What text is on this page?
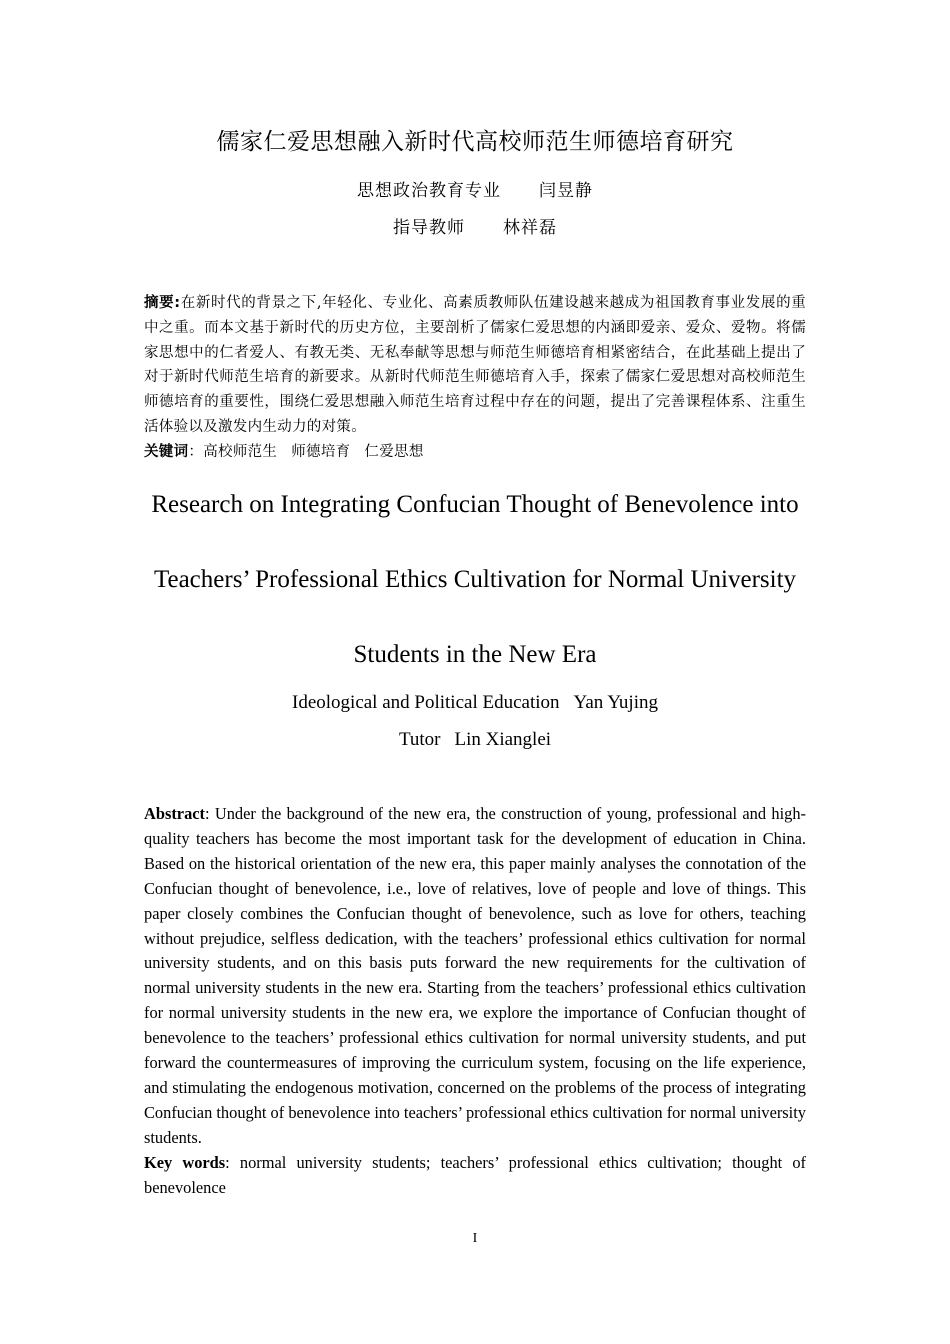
儒家仁爱思想融入新时代高校师范生师德培育研究
思想政治教育专业 闫昱静
指导教师 林祥磊
摘要:在新时代的背景之下,年轻化、专业化、高素质教师队伍建设越来越成为祖国教育事业发展的重中之重。而本文基于新时代的历史方位，主要剖析了儒家仁爱思想的内涵即爱亲、爱众、爱物。将儒家思想中的仁者爱人、有教无类、无私奉献等思想与师范生师德培育相紧密结合，在此基础上提出了对于新时代师范生培育的新要求。从新时代师范生师德培育入手，探索了儒家仁爱思想对高校师范生师德培育的重要性，围绕仁爱思想融入师范生培育过程中存在的问题，提出了完善课程体系、注重生活体验以及激发内生动力的对策。
关键词：高校师范生 师德培育 仁爱思想
Research on Integrating Confucian Thought of Benevolence into Teachers’ Professional Ethics Cultivation for Normal University Students in the New Era
Ideological and Political Education Yan Yujing
Tutor Lin Xianglei
Abstract: Under the background of the new era, the construction of young, professional and high-quality teachers has become the most important task for the development of education in China. Based on the historical orientation of the new era, this paper mainly analyses the connotation of the Confucian thought of benevolence, i.e., love of relatives, love of people and love of things. This paper closely combines the Confucian thought of benevolence, such as love for others, teaching without prejudice, selfless dedication, with the teachers’ professional ethics cultivation for normal university students, and on this basis puts forward the new requirements for the cultivation of normal university students in the new era. Starting from the teachers’ professional ethics cultivation for normal university students in the new era, we explore the importance of Confucian thought of benevolence to the teachers’ professional ethics cultivation for normal university students, and put forward the countermeasures of improving the curriculum system, focusing on the life experience, and stimulating the endogenous motivation, concerned on the problems of the process of integrating Confucian thought of benevolence into teachers’ professional ethics cultivation for normal university students.
Key words: normal university students; teachers’ professional ethics cultivation; thought of benevolence
I
